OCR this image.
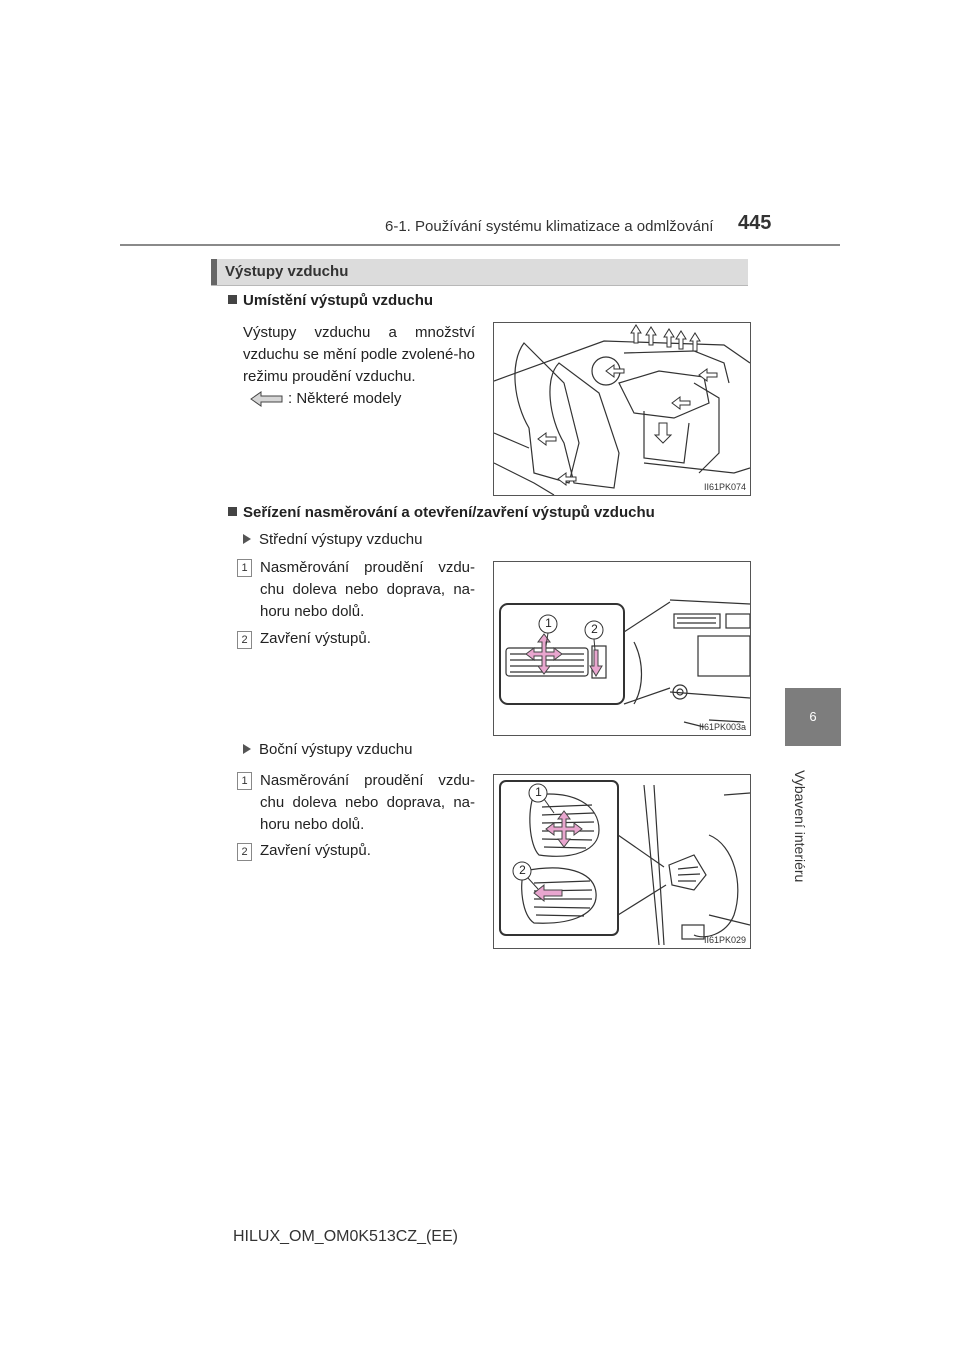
6-1. Používání systému klimatizace a odmlžování 445
6
Vybavení interiéru
Výstupy vzduchu
Umístění výstupů vzduchu
Výstupy vzduchu a množství vzduchu se mění podle zvolené-ho režimu proudění vzduchu.
: Některé modely
II61PK074
Seřízení nasměrování a otevření/zavření výstupů vzduchu
Střední výstupy vzduchu
1 Nasměrování proudění vzdu-chu doleva nebo doprava, na-horu nebo dolů.
2 Zavření výstupů.
1	2
II61PK003a
Boční výstupy vzduchu
1 Nasměrování proudění vzdu-chu doleva nebo doprava, na-horu nebo dolů.
2 Zavření výstupů.
1
2
II61PK029
HILUX_OM_OM0K513CZ_(EE)
